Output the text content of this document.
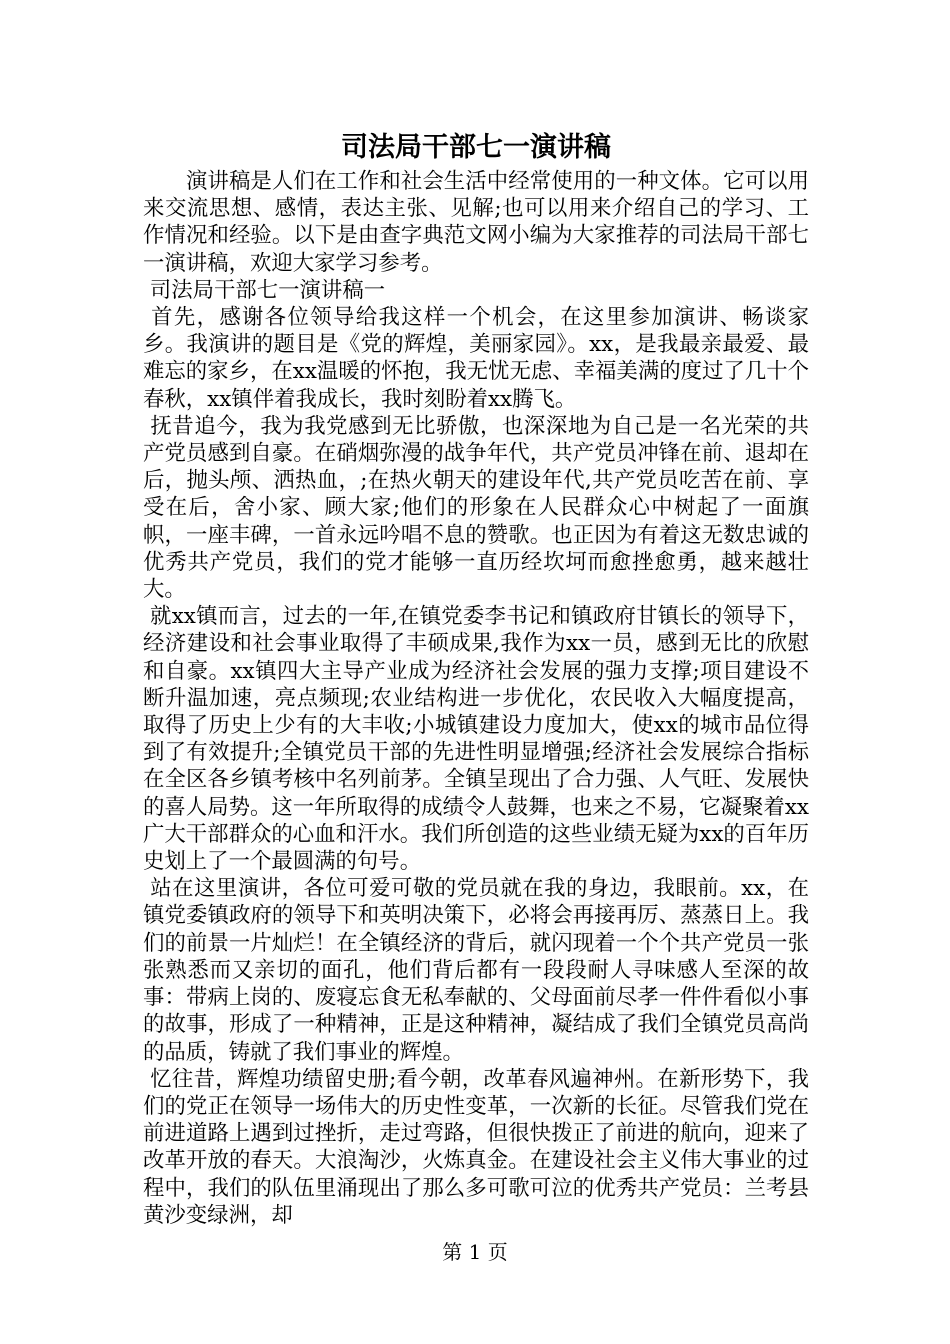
司法局干部七一演讲稿

　　演讲稿是人们在工作和社会生活中经常使用的一种文体。它可以用来交流思想、感情，表达主张、见解;也可以用来介绍自己的学习、工作情况和经验。以下是由查字典范文网小编为大家推荐的司法局干部七一演讲稿，欢迎大家学习参考。

司法局干部七一演讲稿一

首先，感谢各位领导给我这样一个机会，在这里参加演讲、畅谈家乡。我演讲的题目是《党的辉煌，美丽家园》。xx，是我最亲最爱、最难忘的家乡，在xx温暖的怀抱，我无忧无虑、幸福美满的度过了几十个春秋，xx镇伴着我成长，我时刻盼着xx腾飞。

抚昔追今，我为我党感到无比骄傲，也深深地为自己是一名光荣的共产党员感到自豪。在硝烟弥漫的战争年代，共产党员冲锋在前、退却在后，抛头颅、洒热血，;在热火朝天的建设年代,共产党员吃苦在前、享受在后，舍小家、顾大家;他们的形象在人民群众心中树起了一面旗帜，一座丰碑，一首永远吟唱不息的赞歌。也正因为有着这无数忠诚的优秀共产党员，我们的党才能够一直历经坎坷而愈挫愈勇，越来越壮大。

就xx镇而言，过去的一年,在镇党委李书记和镇政府甘镇长的领导下，经济建设和社会事业取得了丰硕成果,我作为xx一员，感到无比的欣慰和自豪。xx镇四大主导产业成为经济社会发展的强力支撑;项目建设不断升温加速，亮点频现;农业结构进一步优化，农民收入大幅度提高，取得了历史上少有的大丰收;小城镇建设力度加大，使xx的城市品位得到了有效提升;全镇党员干部的先进性明显增强;经济社会发展综合指标在全区各乡镇考核中名列前茅。全镇呈现出了合力强、人气旺、发展快的喜人局势。这一年所取得的成绩令人鼓舞，也来之不易，它凝聚着xx广大干部群众的心血和汗水。我们所创造的这些业绩无疑为xx的百年历史划上了一个最圆满的句号。

站在这里演讲，各位可爱可敬的党员就在我的身边，我眼前。xx，在镇党委镇政府的领导下和英明决策下，必将会再接再厉、蒸蒸日上。我们的前景一片灿烂！在全镇经济的背后，就闪现着一个个共产党员一张张熟悉而又亲切的面孔，他们背后都有一段段耐人寻味感人至深的故事：带病上岗的、废寝忘食无私奉献的、父母面前尽孝一件件看似小事的故事，形成了一种精神，正是这种精神，凝结成了我们全镇党员高尚的品质，铸就了我们事业的辉煌。

忆往昔，辉煌功绩留史册;看今朝，改革春风遍神州。在新形势下，我们的党正在领导一场伟大的历史性变革，一次新的长征。尽管我们党在前进道路上遇到过挫折，走过弯路，但很快拨正了前进的航向，迎来了改革开放的春天。大浪淘沙，火炼真金。在建设社会主义伟大事业的过程中，我们的队伍里涌现出了那么多可歌可泣的优秀共产党员：兰考县黄沙变绿洲，却

第 1 页
